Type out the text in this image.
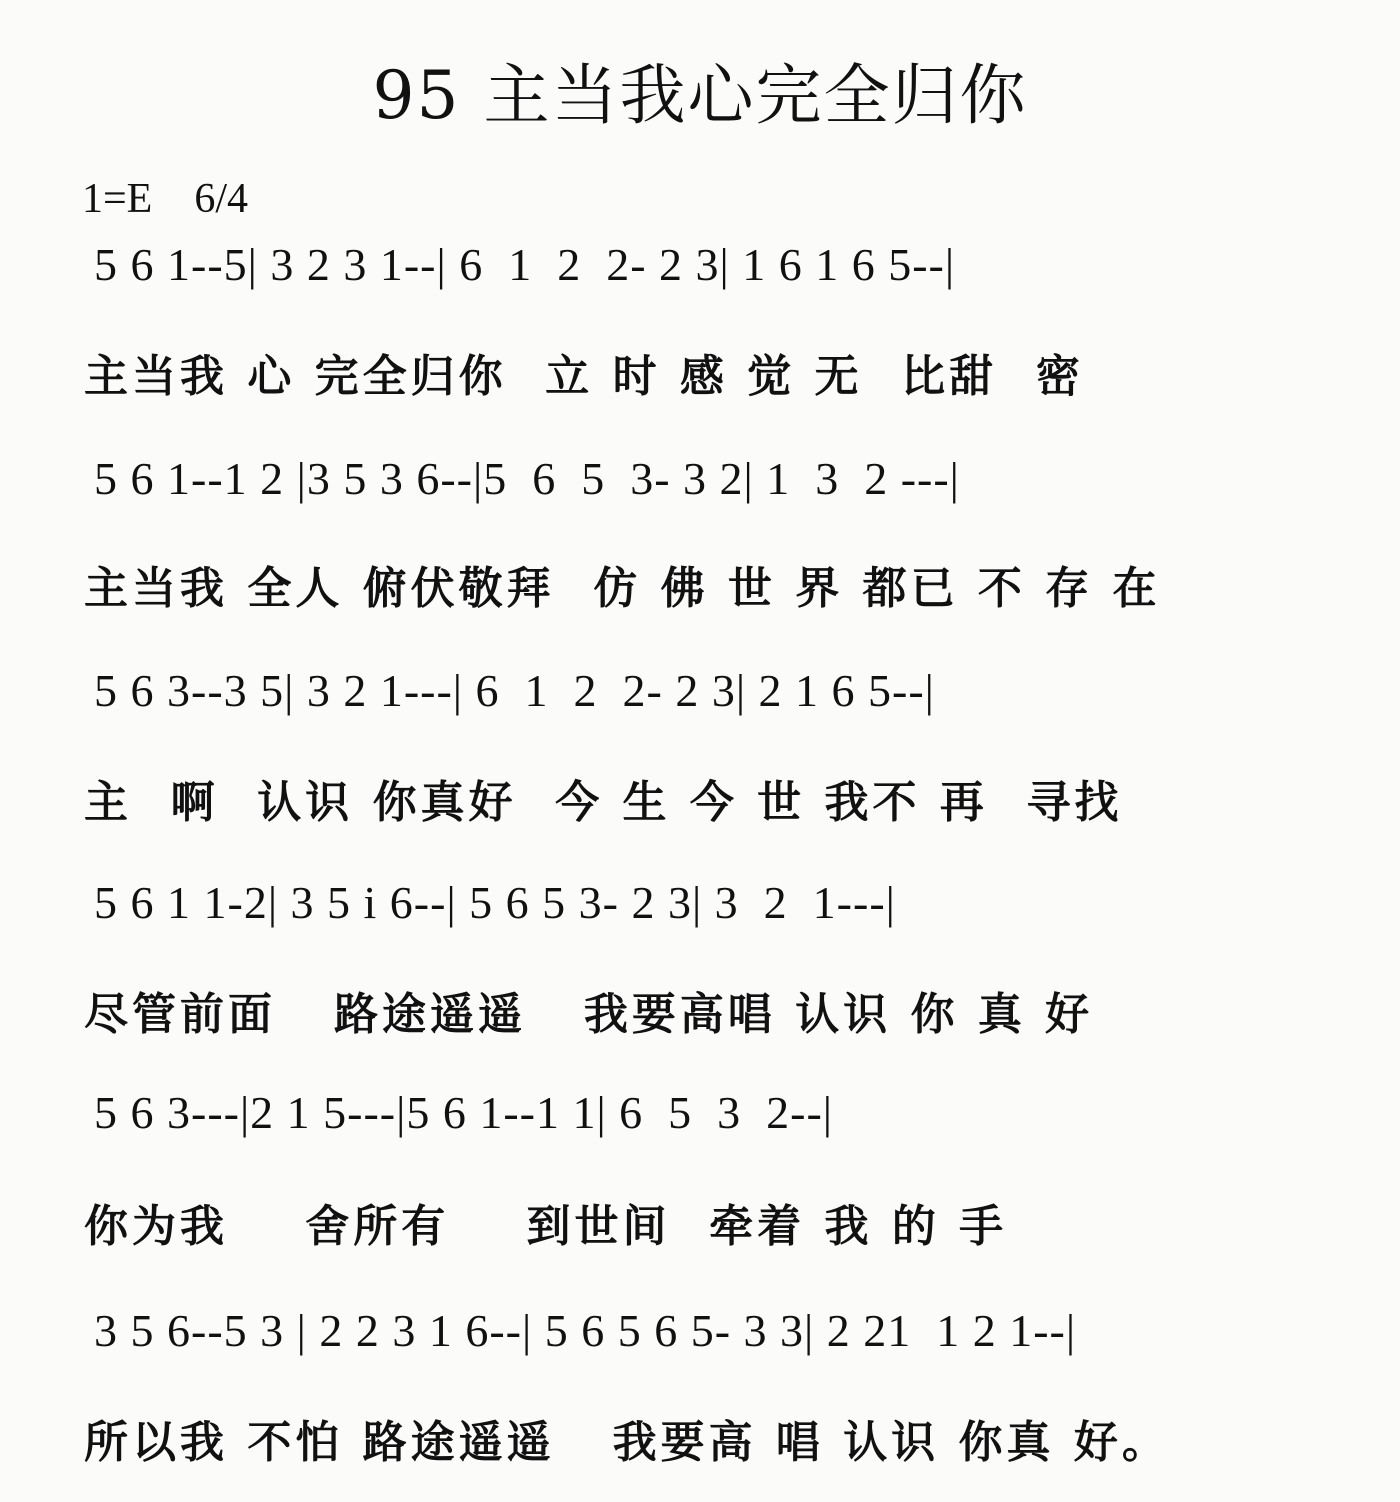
95 主当我心完全归你
1=E    6/4
5 6 1--5| 3 2 3 1--| 6  1  2  2- 2 3| 1 6 1 6 5--|
主当我 心 完全归你  立 时 感 觉 无  比甜  密
5 6 1--1 2 |3 5 3 6--|5  6  5  3- 3 2| 1  3  2 ---|
主当我 全人 俯伏敬拜  仿 佛 世 界 都已 不 存 在
5 6 3--3 5| 3 2 1---| 6  1  2  2- 2 3| 2 1 6 5--|
主  啊  认识 你真好  今 生 今 世 我不 再  寻找
5 6 1 1-2| 3 5 i 6--| 5 6 5 3- 2 3| 3  2  1---|
尽管前面   路途遥遥   我要高唱 认识 你 真 好
5 6 3---|2 1 5---|5 6 1--1 1| 6  5  3  2--|
你为我    舍所有    到世间  牵着 我 的 手
3 5 6--5 3 | 2 2 3 1 6--| 5 6 5 6 5- 3 3| 2 21  1 2 1--|
所以我 不怕 路途遥遥   我要高 唱 认识 你真 好。
